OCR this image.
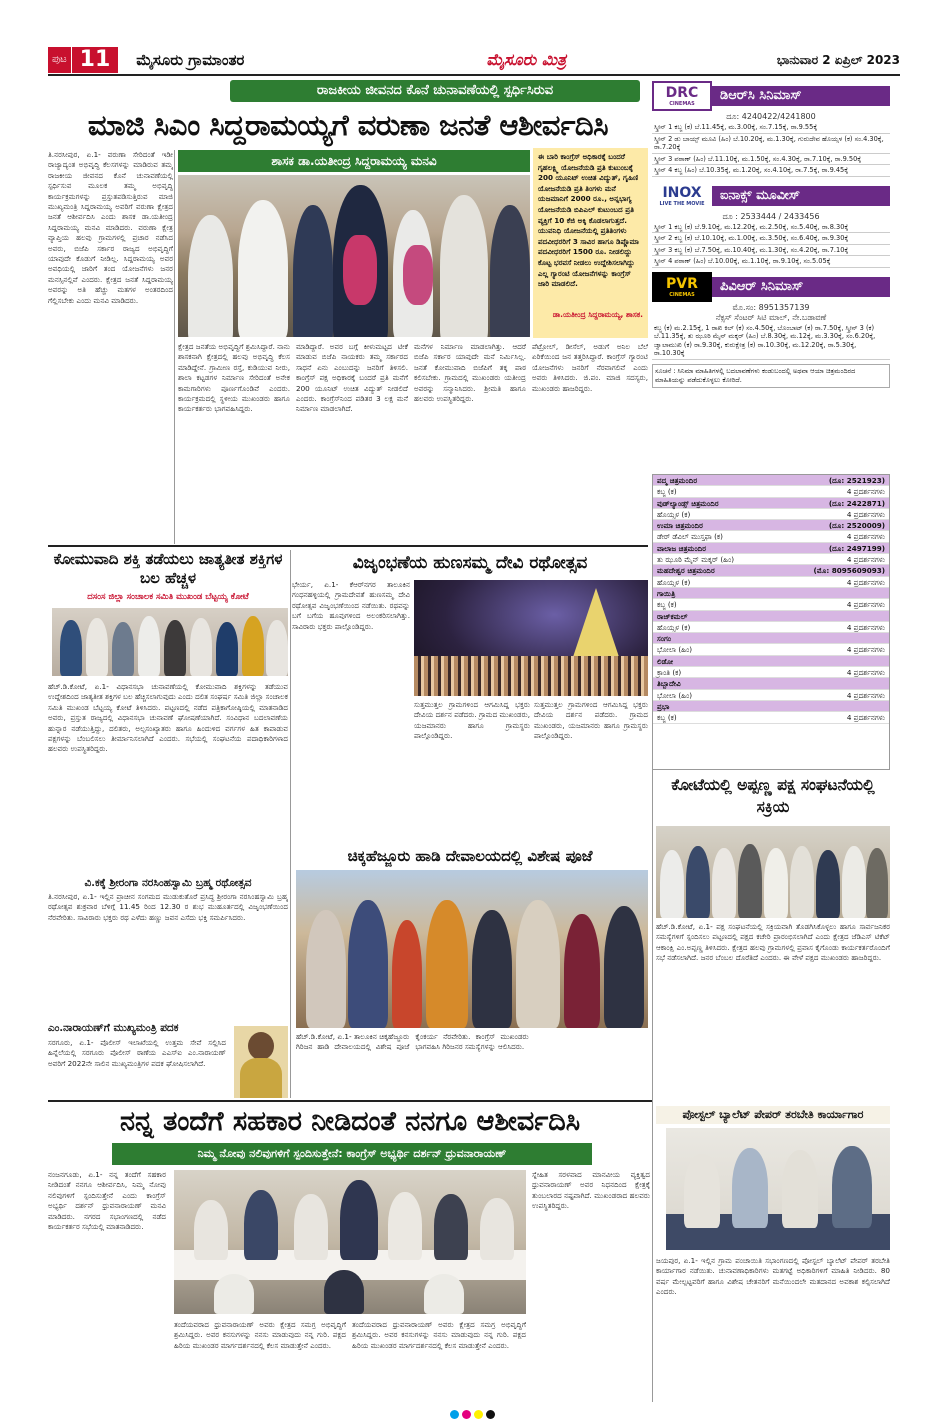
ಪುಟ 11	ಮೈಸೂರು ಗ್ರಾಮಾಂತರ	ಮೈಸೂರು ಮಿತ್ರ	ಭಾನುವಾರ 2 ಏಪ್ರಿಲ್ 2023
ರಾಜಕೀಯ ಜೀವನದ ಕೊನೆ ಚುನಾವಣೆಯಲ್ಲಿ ಸ್ಪರ್ಧಿಸಿರುವ
ಮಾಜಿ ಸಿಎಂ ಸಿದ್ದರಾಮಯ್ಯಗೆ ವರುಣಾ ಜನತೆ ಆಶೀರ್ವದಿಸಿ
ಶಾಸಕ ಡಾ.ಯತೀಂದ್ರ ಸಿದ್ದರಾಮಯ್ಯ ಮನವಿ
ತಿ.ನರಸೀಪುರ, ಏ.1- ವರುಣಾ ಸೇರಿದಂತೆ ಇಡೀ ರಾಜ್ಯಾದ್ಯಂತ ಅಭಿವೃದ್ಧಿ ಕೆಲಸಗಳನ್ನು ಮಾಡಿರುವ ತಮ್ಮ ರಾಜಕೀಯ ಜೀವನದ ಕೊನೆ ಚುನಾವಣೆಯಲ್ಲಿ ಸ್ಪರ್ಧಿಸುವ ಮೂಲಕ ತಮ್ಮ ಅಭಿವೃದ್ಧಿ ಕಾರ್ಯಕ್ರಮಗಳನ್ನು ಪ್ರಸ್ತುತಪಡಿಸುತ್ತಿರುವ ಮಾಜಿ ಮುಖ್ಯಮಂತ್ರಿ ಸಿದ್ದರಾಮಯ್ಯ ಅವರಿಗೆ ವರುಣಾ ಕ್ಷೇತ್ರದ ಜನತೆ ಆಶೀರ್ವದಿಸಿ ಎಂದು ಶಾಸಕ ಡಾ.ಯತೀಂದ್ರ ಸಿದ್ದರಾಮಯ್ಯ ಮನವಿ ಮಾಡಿದರು. ವರುಣಾ ಕ್ಷೇತ್ರ ವ್ಯಾಪ್ತಿಯ ಹಲವು ಗ್ರಾಮಗಳಲ್ಲಿ ಪ್ರಚಾರ ನಡೆಸಿದ ಅವರು, ಬಿಜೆಪಿ ಸರ್ಕಾರ ರಾಜ್ಯದ ಅಭಿವೃದ್ಧಿಗೆ ಯಾವುದೇ ಕೊಡುಗೆ ನೀಡಿಲ್ಲ. ಸಿದ್ದರಾಮಯ್ಯ ಅವರ ಅವಧಿಯಲ್ಲಿ ಜಾರಿಗೆ ತಂದ ಯೋಜನೆಗಳು ಜನರ ಮನಸ್ಸಿನಲ್ಲಿವೆ ಎಂದರು. ಕ್ಷೇತ್ರದ ಜನತೆ ಸಿದ್ದರಾಮಯ್ಯ ಅವರನ್ನು ಅತಿ ಹೆಚ್ಚು ಮತಗಳ ಅಂತರದಿಂದ ಗೆಲ್ಲಿಸಬೇಕು ಎಂದು ಮನವಿ ಮಾಡಿದರು.
ಕ್ಷೇತ್ರದ ಜನತೆಯ ಅಭಿವೃದ್ಧಿಗೆ ಶ್ರಮಿಸಿದ್ದಾರೆ. ನಾನು ಶಾಸಕನಾಗಿ ಕ್ಷೇತ್ರದಲ್ಲಿ ಹಲವು ಅಭಿವೃದ್ಧಿ ಕೆಲಸ ಮಾಡಿದ್ದೇನೆ. ಗ್ರಾಮೀಣ ರಸ್ತೆ, ಕುಡಿಯುವ ನೀರು, ಶಾಲಾ ಕಟ್ಟಡಗಳ ನಿರ್ಮಾಣ ಸೇರಿದಂತೆ ಅನೇಕ ಕಾಮಗಾರಿಗಳು ಪೂರ್ಣಗೊಂಡಿವೆ ಎಂದರು. ಕಾರ್ಯಕ್ರಮದಲ್ಲಿ ಸ್ಥಳೀಯ ಮುಖಂಡರು ಹಾಗೂ ಕಾರ್ಯಕರ್ತರು ಭಾಗವಹಿಸಿದ್ದರು.
ಮಾಡಿದ್ದಾರೆ. ಅವರ ಬಗ್ಗೆ ಕೀಳುಮಟ್ಟದ ಟೀಕೆ ಮಾಡುವ ಬಿಜೆಪಿ ನಾಯಕರು ತಮ್ಮ ಸರ್ಕಾರದ ಸಾಧನೆ ಏನು ಎಂಬುದನ್ನು ಜನರಿಗೆ ತಿಳಿಸಲಿ. ಕಾಂಗ್ರೆಸ್ ಪಕ್ಷ ಅಧಿಕಾರಕ್ಕೆ ಬಂದರೆ ಪ್ರತಿ ಮನೆಗೆ 200 ಯೂನಿಟ್ ಉಚಿತ ವಿದ್ಯುತ್ ನೀಡಲಿದೆ ಎಂದರು. ಕಾಂಗ್ರೆಸ್‍ನಿಂದ ಪಡಿತರ 3 ಲಕ್ಷ ಮನೆ ನಿರ್ಮಾಣ ಮಾಡಲಾಗಿದೆ.
ಮನೆಗಳ ನಿರ್ಮಾಣ ಮಾಡಲಾಗಿತ್ತು. ಆದರೆ ಬಿಜೆಪಿ ಸರ್ಕಾರ ಯಾವುದೇ ಮನೆ ನಿರ್ಮಿಸಿಲ್ಲ. ಜನತೆ ಕೋಮುವಾದಿ ಬಿಜೆಪಿಗೆ ತಕ್ಕ ಪಾಠ ಕಲಿಸಬೇಕು. ಗ್ರಾಮದಲ್ಲಿ ಮುಖಂಡರು ಯತೀಂದ್ರ ಅವರನ್ನು ಸನ್ಮಾನಿಸಿದರು. ಶ್ರೀಮತಿ ಹಾಗೂ ಹಲವರು ಉಪಸ್ಥಿತರಿದ್ದರು.
ಪೆಟ್ರೋಲ್, ಡೀಸೆಲ್, ಅಡುಗೆ ಅನಿಲ ಬೆಲೆ ಏರಿಕೆಯಿಂದ ಜನ ತತ್ತರಿಸಿದ್ದಾರೆ. ಕಾಂಗ್ರೆಸ್ ಗ್ಯಾರಂಟಿ ಯೋಜನೆಗಳು ಜನರಿಗೆ ನೆರವಾಗಲಿವೆ ಎಂದು ಅವರು ತಿಳಿಸಿದರು. ಜಿ.ಪಂ. ಮಾಜಿ ಸದಸ್ಯರು, ಮುಖಂಡರು ಹಾಜರಿದ್ದರು.
ಈ ಬಾರಿ ಕಾಂಗ್ರೆಸ್ ಅಧಿಕಾರಕ್ಕೆ ಬಂದರೆ ಗೃಹಲಕ್ಷ್ಮಿ ಯೋಜನೆಯಡಿ ಪ್ರತಿ ಕುಟುಂಬಕ್ಕೆ 200 ಯೂನಿಟ್ ಉಚಿತ ವಿದ್ಯುತ್, ಗೃಹಿಣಿ ಯೋಜನೆಯಡಿ ಪ್ರತಿ ತಿಂಗಳು ಮನೆ ಯಜಮಾನಿಗೆ 2000 ರೂ., ಅನ್ನಭಾಗ್ಯ ಯೋಜನೆಯಡಿ ಬಿಪಿಎಲ್ ಕುಟುಂಬದ ಪ್ರತಿ ವ್ಯಕ್ತಿಗೆ 10 ಕೆಜಿ ಅಕ್ಕಿ ಕೊಡಲಾಗುತ್ತದೆ. ಯುವನಿಧಿ ಯೋಜನೆಯಲ್ಲಿ ಪ್ರತಿತಿಂಗಳು ಪದವೀಧರರಿಗೆ 3 ಸಾವಿರ ಹಾಗೂ ಡಿಪ್ಲೊಮಾ ಪದವೀಧರರಿಗೆ 1500 ರೂ. ನೀಡಲಿದ್ದು ಕೊಟ್ಟ ಭರವಸೆ ನೀಡಲು ಉದ್ದೇಶಿಸಲಾಗಿದ್ದು ಎಲ್ಲ ಗ್ಯಾರಂಟಿ ಯೋಜನೆಗಳನ್ನು ಕಾಂಗ್ರೆಸ್ ಜಾರಿ ಮಾಡಲಿದೆ.
ಡಾ.ಯತೀಂದ್ರ ಸಿದ್ದರಾಮಯ್ಯ, ಶಾಸಕ.
DRC
CINEMAS
ಡಿಆರ್‌ಸಿ ಸಿನಿಮಾಸ್
ದೂ: 4240422/4241800
ಸ್ಕ್ರೀನ್ 1 ಕಬ್ಜ (ಕ) ಬೆ.11.45ಕ್ಕೆ, ಮ.3.00ಕ್ಕೆ, ಸಂ.7.15ಕ್ಕೆ, ರಾ.9.55ಕ್ಕೆ
ಸ್ಕ್ರೀನ್ 2 ಡು ಬಾಯ್ಸ್ ಮೂವಿ (ಹಿಂ) ಬೆ.10.20ಕ್ಕೆ, ಮ.1.30ಕ್ಕೆ, ಗುರುದೇವ ಹೊಯ್ಸಳ (ಕ) ಸಂ.4.30ಕ್ಕೆ, ರಾ.7.20ಕ್ಕೆ
ಸ್ಕ್ರೀನ್ 3 ಪಠಾಣ್ (ಹಿಂ) ಬೆ.11.10ಕ್ಕೆ, ಮ.1.50ಕ್ಕೆ, ಸಂ.4.30ಕ್ಕೆ, ರಾ.7.10ಕ್ಕೆ, ರಾ.9.50ಕ್ಕೆ
ಸ್ಕ್ರೀನ್ 4 ಕಬ್ಜ (ಹಿಂ) ಬೆ.10.35ಕ್ಕೆ, ಮ.1.20ಕ್ಕೆ, ಸಂ.4.10ಕ್ಕೆ, ರಾ.7.5ಕ್ಕೆ, ರಾ.9.45ಕ್ಕೆ
INOX
LIVE THE MOVIE
ಐನಾಕ್ಸ್ ಮೂವೀಸ್
ದೂ : 2533444 / 2433456
ಸ್ಕ್ರೀನ್ 1 ಕಬ್ಜ (ಕ) ಬೆ.9.10ಕ್ಕೆ, ಮ.12.20ಕ್ಕೆ, ಮ.2.50ಕ್ಕೆ, ಸಂ.5.40ಕ್ಕೆ, ರಾ.8.30ಕ್ಕೆ
ಸ್ಕ್ರೀನ್ 2 ಕಬ್ಜ (ಕ) ಬೆ.10.10ಕ್ಕೆ, ಮ.1.00ಕ್ಕೆ, ಮ.3.50ಕ್ಕೆ, ಸಂ.6.40ಕ್ಕೆ, ರಾ.9.30ಕ್ಕೆ
ಸ್ಕ್ರೀನ್ 3 ಕಬ್ಜ (ಕ) ಬೆ.7.50ಕ್ಕೆ, ಮ.10.40ಕ್ಕೆ, ಮ.1.30ಕ್ಕೆ, ಸಂ.4.20ಕ್ಕೆ, ರಾ.7.10ಕ್ಕೆ
ಸ್ಕ್ರೀನ್ 4 ಪಠಾಣ್ (ಹಿಂ) ಬೆ.10.00ಕ್ಕೆ, ಮ.1.10ಕ್ಕೆ, ರಾ.9.10ಕ್ಕೆ, ಸಂ.5.05ಕ್ಕೆ
PVR
CINEMAS
ಪಿವಿಆರ್ ಸಿನಿಮಾಸ್
ಮೊ.ಸಂ: 8951357139
ನೆಕ್ಸಸ್ ಸೆಂಟರ್ ಸಿಟಿ ಮಾಲ್, ನೇ.ಬಡಾವಣೆ
ಕಬ್ಜ (ಕ) ಮ.2.15ಕ್ಕೆ, 1 ರಾಖಿ ಕಿಲ್ (ಕ) ಸಂ.4.50ಕ್ಕೆ, ಬೊಂಬಾಟ್ (ಕ) ರಾ.7.50ಕ್ಕೆ, ಸ್ಕ್ರೀನ್ 3 (ಕ) ಬೆ.11.35ಕ್ಕೆ, ತು ಝೂಠಿ ಮೈನ್ ಮಕ್ಕರ್ (ಹಿಂ) ಬೆ.8.30ಕ್ಕೆ, ಮ.12ಕ್ಕೆ, ಮ.3.30ಕ್ಕೆ, ಸಂ.6.20ಕ್ಕೆ, ಜ್ವಾಲಾಮುಖಿ (ಕ) ರಾ.9.30ಕ್ಕೆ, ಕುರುಕ್ಷೇತ್ರ (ಕ) ರಾ.10.30ಕ್ಕೆ, ಮ.12.20ಕ್ಕೆ, ರಾ.5.30ಕ್ಕೆ, ರಾ.10.30ಕ್ಕೆ
ಸೂಚನೆ : ಸಿನಿಮಾ ಮಾಹಿತಿಗಳಲ್ಲಿ ಬದಲಾವಣೆಗಳು ಕಂಡುಬಂದಲ್ಲಿ ಅಥವಾ ಆಯಾ ಚಿತ್ರಮಂದಿರದ ಮಾಹಿತಿಯನ್ನು ಪಡೆದುಕೊಳ್ಳಲು ಕೋರಿದೆ.
ಪದ್ಮ ಚಿತ್ರಮಂದಿರ	(ದೂ: 2521923)
ಕಬ್ಜ (ಕ)	4 ಪ್ರದರ್ಶನಗಳು
ವುಡ್‌ಲ್ಯಾಂಡ್ಸ್ ಚಿತ್ರಮಂದಿರ	(ದೂ: 2422871)
ಹೊಯ್ಸಳ (ಕ)	4 ಪ್ರದರ್ಶನಗಳು
ಉಮಾ ಚಿತ್ರಮಂದಿರ	(ದೂ: 2520009)
ಡೇರ್ ಡೆವಿಲ್ ಮುಸ್ತಫಾ (ಕ)	4 ಪ್ರದರ್ಶನಗಳು
ವಾಲಾಜ ಚಿತ್ರಮಂದಿರ	(ದೂ: 2497199)
ತು ಝೂಠಿ ಮೈನ್ ಮಕ್ಕರ್ (ಹಿಂ)	4 ಪ್ರದರ್ಶನಗಳು
ಮಹದೇಶ್ವರ ಚಿತ್ರಮಂದಿರ	(ಮೊ: 8095609093)
ಹೊಯ್ಸಳ (ಕ)	4 ಪ್ರದರ್ಶನಗಳು
ಗಾಯಿತ್ರಿ
ಕಬ್ಜ (ಕ)	4 ಪ್ರದರ್ಶನಗಳು
ರಾಜ್‌ಕಮಲ್
ಹೊಯ್ಸಳ (ಕ)	4 ಪ್ರದರ್ಶನಗಳು
ಸಂಗಂ
ಭೋಲಾ (ಹಿಂ)	4 ಪ್ರದರ್ಶನಗಳು
ಲಿಡೋ
ಕ್ರಾಂತಿ (ಕ)	4 ಪ್ರದರ್ಶನಗಳು
ತಿಬ್ಬಾದೇವಿ
ಭೋಲಾ (ಹಿಂ)	4 ಪ್ರದರ್ಶನಗಳು
ಪ್ರಭಾ
ಕಬ್ಜ (ಕ)	4 ಪ್ರದರ್ಶನಗಳು
ಕೋಮುವಾದಿ ಶಕ್ತಿ ತಡೆಯಲು ಜಾತ್ಯತೀತ ಶಕ್ತಿಗಳ ಬಲ ಹೆಚ್ಚಳ
ದಸಂಸ ಜಿಲ್ಲಾ ಸಂಚಾಲಕ ಸಮಿತಿ ಮುಖಂಡ ಬೆಟ್ಟಯ್ಯ ಕೋಟೆ
ಹೆಚ್.ಡಿ.ಕೋಟೆ, ಏ.1- ವಿಧಾನಸಭಾ ಚುನಾವಣೆಯಲ್ಲಿ ಕೋಮುವಾದಿ ಶಕ್ತಿಗಳನ್ನು ತಡೆಯುವ ಉದ್ದೇಶದಿಂದ ಜಾತ್ಯತೀತ ಶಕ್ತಿಗಳ ಬಲ ಹೆಚ್ಚಿಸಲಾಗುವುದು ಎಂದು ದಲಿತ ಸಂಘರ್ಷ ಸಮಿತಿ ಜಿಲ್ಲಾ ಸಂಚಾಲಕ ಸಮಿತಿ ಮುಖಂಡ ಬೆಟ್ಟಯ್ಯ ಕೋಟೆ ತಿಳಿಸಿದರು. ಪಟ್ಟಣದಲ್ಲಿ ನಡೆದ ಪತ್ರಿಕಾಗೋಷ್ಠಿಯಲ್ಲಿ ಮಾತನಾಡಿದ ಅವರು, ಪ್ರಸ್ತುತ ರಾಜ್ಯದಲ್ಲಿ ವಿಧಾನಸಭಾ ಚುನಾವಣೆ ಘೋಷಣೆಯಾಗಿದೆ. ಸಂವಿಧಾನ ಬದಲಾವಣೆಯ ಹುನ್ನಾರ ನಡೆಯುತ್ತಿದ್ದು, ದಲಿತರು, ಅಲ್ಪಸಂಖ್ಯಾತರು ಹಾಗೂ ಹಿಂದುಳಿದ ವರ್ಗಗಳ ಹಿತ ಕಾಪಾಡುವ ಪಕ್ಷಗಳನ್ನು ಬೆಂಬಲಿಸಲು ತೀರ್ಮಾನಿಸಲಾಗಿದೆ ಎಂದರು. ಸಭೆಯಲ್ಲಿ ಸಂಘಟನೆಯ ಪದಾಧಿಕಾರಿಗಳಾದ ಹಲವರು ಉಪಸ್ಥಿತರಿದ್ದರು.
ವಿ.ಕಕ್ಕೆ ಶ್ರೀರಂಗಾ ನರಸಿಂಹಸ್ವಾಮಿ ಬ್ರಹ್ಮ ರಥೋತ್ಸವ
ತಿ.ನರಸೀಪುರ, ಏ.1- ಇಲ್ಲಿನ ಪ್ರಾಚೀನ ಸಂಗಮದ ಮುಡುಕುತೊರೆ ಪ್ರಸಿದ್ಧ ಶ್ರೀರಂಗಾ ನರಸಿಂಹಸ್ವಾಮಿ ಬ್ರಹ್ಮ ರಥೋತ್ಸವ ಶುಕ್ರವಾರ ಬೆಳಿಗ್ಗೆ 11.45 ರಿಂದ 12.30 ರ ಶುಭ ಮುಹೂರ್ತದಲ್ಲಿ ವಿಜೃಂಭಣೆಯಿಂದ ನೆರವೇರಿತು. ಸಾವಿರಾರು ಭಕ್ತರು ರಥ ಎಳೆದು ಹಣ್ಣು ಜವನ ಎಸೆದು ಭಕ್ತಿ ಸಮರ್ಪಿಸಿದರು.
ಎಂ.ನಾರಾಯಣ್‌ಗೆ ಮುಖ್ಯಮಂತ್ರಿ ಪದಕ
ಸರಗೂರು, ಏ.1- ಪೊಲೀಸ್ ಇಲಾಖೆಯಲ್ಲಿ ಉತ್ತಮ ಸೇವೆ ಸಲ್ಲಿಸಿದ ಹಿನ್ನೆಲೆಯಲ್ಲಿ ಸರಗೂರು ಪೊಲೀಸ್ ಠಾಣೆಯ ಎಎಸ್‌ಐ ಎಂ.ನಾರಾಯಣ್ ಅವರಿಗೆ 2022ನೇ ಸಾಲಿನ ಮುಖ್ಯಮಂತ್ರಿಗಳ ಪದಕ ಘೋಷಿಸಲಾಗಿದೆ.
ವಿಜೃಂಭಣೆಯ ಹುಣಸಮ್ಮ ದೇವಿ ರಥೋತ್ಸವ
ಭೇರ್ಯ, ಏ.1- ಕೆಆರ್‌ನಗರ ತಾಲೂಕಿನ ಗಂಧನಹಳ್ಳಿಯಲ್ಲಿ ಗ್ರಾಮದೇವತೆ ಹುಣಸಮ್ಮ ದೇವಿ ರಥೋತ್ಸವ ವಿಜೃಂಭಣೆಯಿಂದ ನಡೆಯಿತು. ರಥವನ್ನು ಬಗೆ ಬಗೆಯ ಹೂವುಗಳಿಂದ ಅಲಂಕರಿಸಲಾಗಿತ್ತು. ಸಾವಿರಾರು ಭಕ್ತರು ಪಾಲ್ಗೊಂಡಿದ್ದರು.
ಸುತ್ತಮುತ್ತಲ ಗ್ರಾಮಗಳಿಂದ ಆಗಮಿಸಿದ್ದ ಭಕ್ತರು ದೇವಿಯ ದರ್ಶನ ಪಡೆದರು. ಗ್ರಾಮದ ಮುಖಂಡರು, ಯಜಮಾನರು ಹಾಗೂ ಗ್ರಾಮಸ್ಥರು ಪಾಲ್ಗೊಂಡಿದ್ದರು.
ಸುತ್ತಮುತ್ತಲ ಗ್ರಾಮಗಳಿಂದ ಆಗಮಿಸಿದ್ದ ಭಕ್ತರು ದೇವಿಯ ದರ್ಶನ ಪಡೆದರು. ಗ್ರಾಮದ ಮುಖಂಡರು, ಯಜಮಾನರು ಹಾಗೂ ಗ್ರಾಮಸ್ಥರು ಪಾಲ್ಗೊಂಡಿದ್ದರು.
ಚಿಕ್ಕಹೆಜ್ಜೂರು ಹಾಡಿ ದೇವಾಲಯದಲ್ಲಿ ವಿಶೇಷ ಪೂಜೆ
ಹೆಚ್.ಡಿ.ಕೋಟೆ, ಏ.1- ತಾಲೂಕಿನ ಚಿಕ್ಕಹೆಜ್ಜೂರು ಗಿರಿಜನ ಹಾಡಿ ದೇವಾಲಯದಲ್ಲಿ ವಿಶೇಷ ಪೂಜೆ ಕೈಂಕರ್ಯ ನೆರವೇರಿತು. ಕಾಂಗ್ರೆಸ್ ಮುಖಂಡರು ಭಾಗವಹಿಸಿ ಗಿರಿಜನರ ಸಮಸ್ಯೆಗಳನ್ನು ಆಲಿಸಿದರು.
ಕೋಟೆಯಲ್ಲಿ ಅಪ್ಪಣ್ಣ ಪಕ್ಷ ಸಂಘಟನೆಯಲ್ಲಿ ಸಕ್ರಿಯ
ಹೆಚ್.ಡಿ.ಕೋಟೆ, ಏ.1- ಪಕ್ಷ ಸಂಘಟನೆಯಲ್ಲಿ ಸಕ್ರಿಯವಾಗಿ ತೊಡಗಿಸಿಕೊಳ್ಳಲು ಹಾಗೂ ಸಾರ್ವಜನಿಕರ ಸಮಸ್ಯೆಗಳಿಗೆ ಸ್ಪಂದಿಸಲು ಪಟ್ಟಣದಲ್ಲಿ ಪಕ್ಷದ ಕಚೇರಿ ಪ್ರಾರಂಭಿಸಲಾಗಿದೆ ಎಂದು ಕ್ಷೇತ್ರದ ಜೆಡಿಎಸ್ ಟಿಕೆಟ್ ಆಕಾಂಕ್ಷಿ ಎಂ.ಅಪ್ಪಣ್ಣ ತಿಳಿಸಿದರು. ಕ್ಷೇತ್ರದ ಹಲವು ಗ್ರಾಮಗಳಲ್ಲಿ ಪ್ರವಾಸ ಕೈಗೊಂಡು ಕಾರ್ಯಕರ್ತರೊಂದಿಗೆ ಸಭೆ ನಡೆಸಲಾಗಿದೆ. ಜನರ ಬೆಂಬಲ ದೊರೆತಿದೆ ಎಂದರು. ಈ ವೇಳೆ ಪಕ್ಷದ ಮುಖಂಡರು ಹಾಜರಿದ್ದರು.
ನನ್ನ ತಂದೆಗೆ ಸಹಕಾರ ನೀಡಿದಂತೆ ನನಗೂ ಆಶೀರ್ವದಿಸಿ
ನಿಮ್ಮ ನೋವು ನಲಿವುಗಳಿಗೆ ಸ್ಪಂದಿಸುತ್ತೇನೆ: ಕಾಂಗ್ರೆಸ್ ಅಭ್ಯರ್ಥಿ ದರ್ಶನ್ ಧ್ರುವನಾರಾಯಣ್
ನಂಜನಗೂಡು, ಏ.1- ನನ್ನ ತಂದೆಗೆ ಸಹಕಾರ ನೀಡಿದಂತೆ ನನಗೂ ಆಶೀರ್ವದಿಸಿ, ನಿಮ್ಮ ನೋವು ನಲಿವುಗಳಿಗೆ ಸ್ಪಂದಿಸುತ್ತೇನೆ ಎಂದು ಕಾಂಗ್ರೆಸ್ ಅಭ್ಯರ್ಥಿ ದರ್ಶನ್ ಧ್ರುವನಾರಾಯಣ್ ಮನವಿ ಮಾಡಿದರು. ನಗರದ ಸಭಾಂಗಣದಲ್ಲಿ ನಡೆದ ಕಾರ್ಯಕರ್ತರ ಸಭೆಯಲ್ಲಿ ಮಾತನಾಡಿದರು.
ತಂದೆಯವರಾದ ಧ್ರುವನಾರಾಯಣ್ ಅವರು ಕ್ಷೇತ್ರದ ಸಮಗ್ರ ಅಭಿವೃದ್ಧಿಗೆ ಶ್ರಮಿಸಿದ್ದರು. ಅವರ ಕನಸುಗಳನ್ನು ನನಸು ಮಾಡುವುದು ನನ್ನ ಗುರಿ. ಪಕ್ಷದ ಹಿರಿಯ ಮುಖಂಡರ ಮಾರ್ಗದರ್ಶನದಲ್ಲಿ ಕೆಲಸ ಮಾಡುತ್ತೇನೆ ಎಂದರು.
ತಂದೆಯವರಾದ ಧ್ರುವನಾರಾಯಣ್ ಅವರು ಕ್ಷೇತ್ರದ ಸಮಗ್ರ ಅಭಿವೃದ್ಧಿಗೆ ಶ್ರಮಿಸಿದ್ದರು. ಅವರ ಕನಸುಗಳನ್ನು ನನಸು ಮಾಡುವುದು ನನ್ನ ಗುರಿ. ಪಕ್ಷದ ಹಿರಿಯ ಮುಖಂಡರ ಮಾರ್ಗದರ್ಶನದಲ್ಲಿ ಕೆಲಸ ಮಾಡುತ್ತೇನೆ ಎಂದರು.
ಸ್ನೇಹಿತ ಸರಳವಾದ ಮಾನವೀಯ ವ್ಯಕ್ತಿತ್ವದ ಧ್ರುವನಾರಾಯಣ್ ಅವರ ನಿಧನದಿಂದ ಕ್ಷೇತ್ರಕ್ಕೆ ತುಂಬಲಾರದ ನಷ್ಟವಾಗಿದೆ. ಮುಖಂಡರಾದ ಹಲವರು ಉಪಸ್ಥಿತರಿದ್ದರು.
ಪೋಸ್ಟಲ್ ಬ್ಯಾಲೆಟ್ ಪೇಪರ್ ತರಬೇತಿ ಕಾರ್ಯಾಗಾರ
ಜಯಪುರ, ಏ.1- ಇಲ್ಲಿನ ಗ್ರಾಮ ಪಂಚಾಯಿತಿ ಸಭಾಂಗಣದಲ್ಲಿ ಪೋಸ್ಟಲ್ ಬ್ಯಾಲೆಟ್ ಪೇಪರ್ ತರಬೇತಿ ಕಾರ್ಯಾಗಾರ ನಡೆಯಿತು. ಚುನಾವಣಾಧಿಕಾರಿಗಳು ಮತಗಟ್ಟೆ ಅಧಿಕಾರಿಗಳಿಗೆ ಮಾಹಿತಿ ನೀಡಿದರು. 80 ವರ್ಷ ಮೇಲ್ಪಟ್ಟವರಿಗೆ ಹಾಗೂ ವಿಶೇಷ ಚೇತನರಿಗೆ ಮನೆಯಿಂದಲೇ ಮತದಾನದ ಅವಕಾಶ ಕಲ್ಪಿಸಲಾಗಿದೆ ಎಂದರು.
